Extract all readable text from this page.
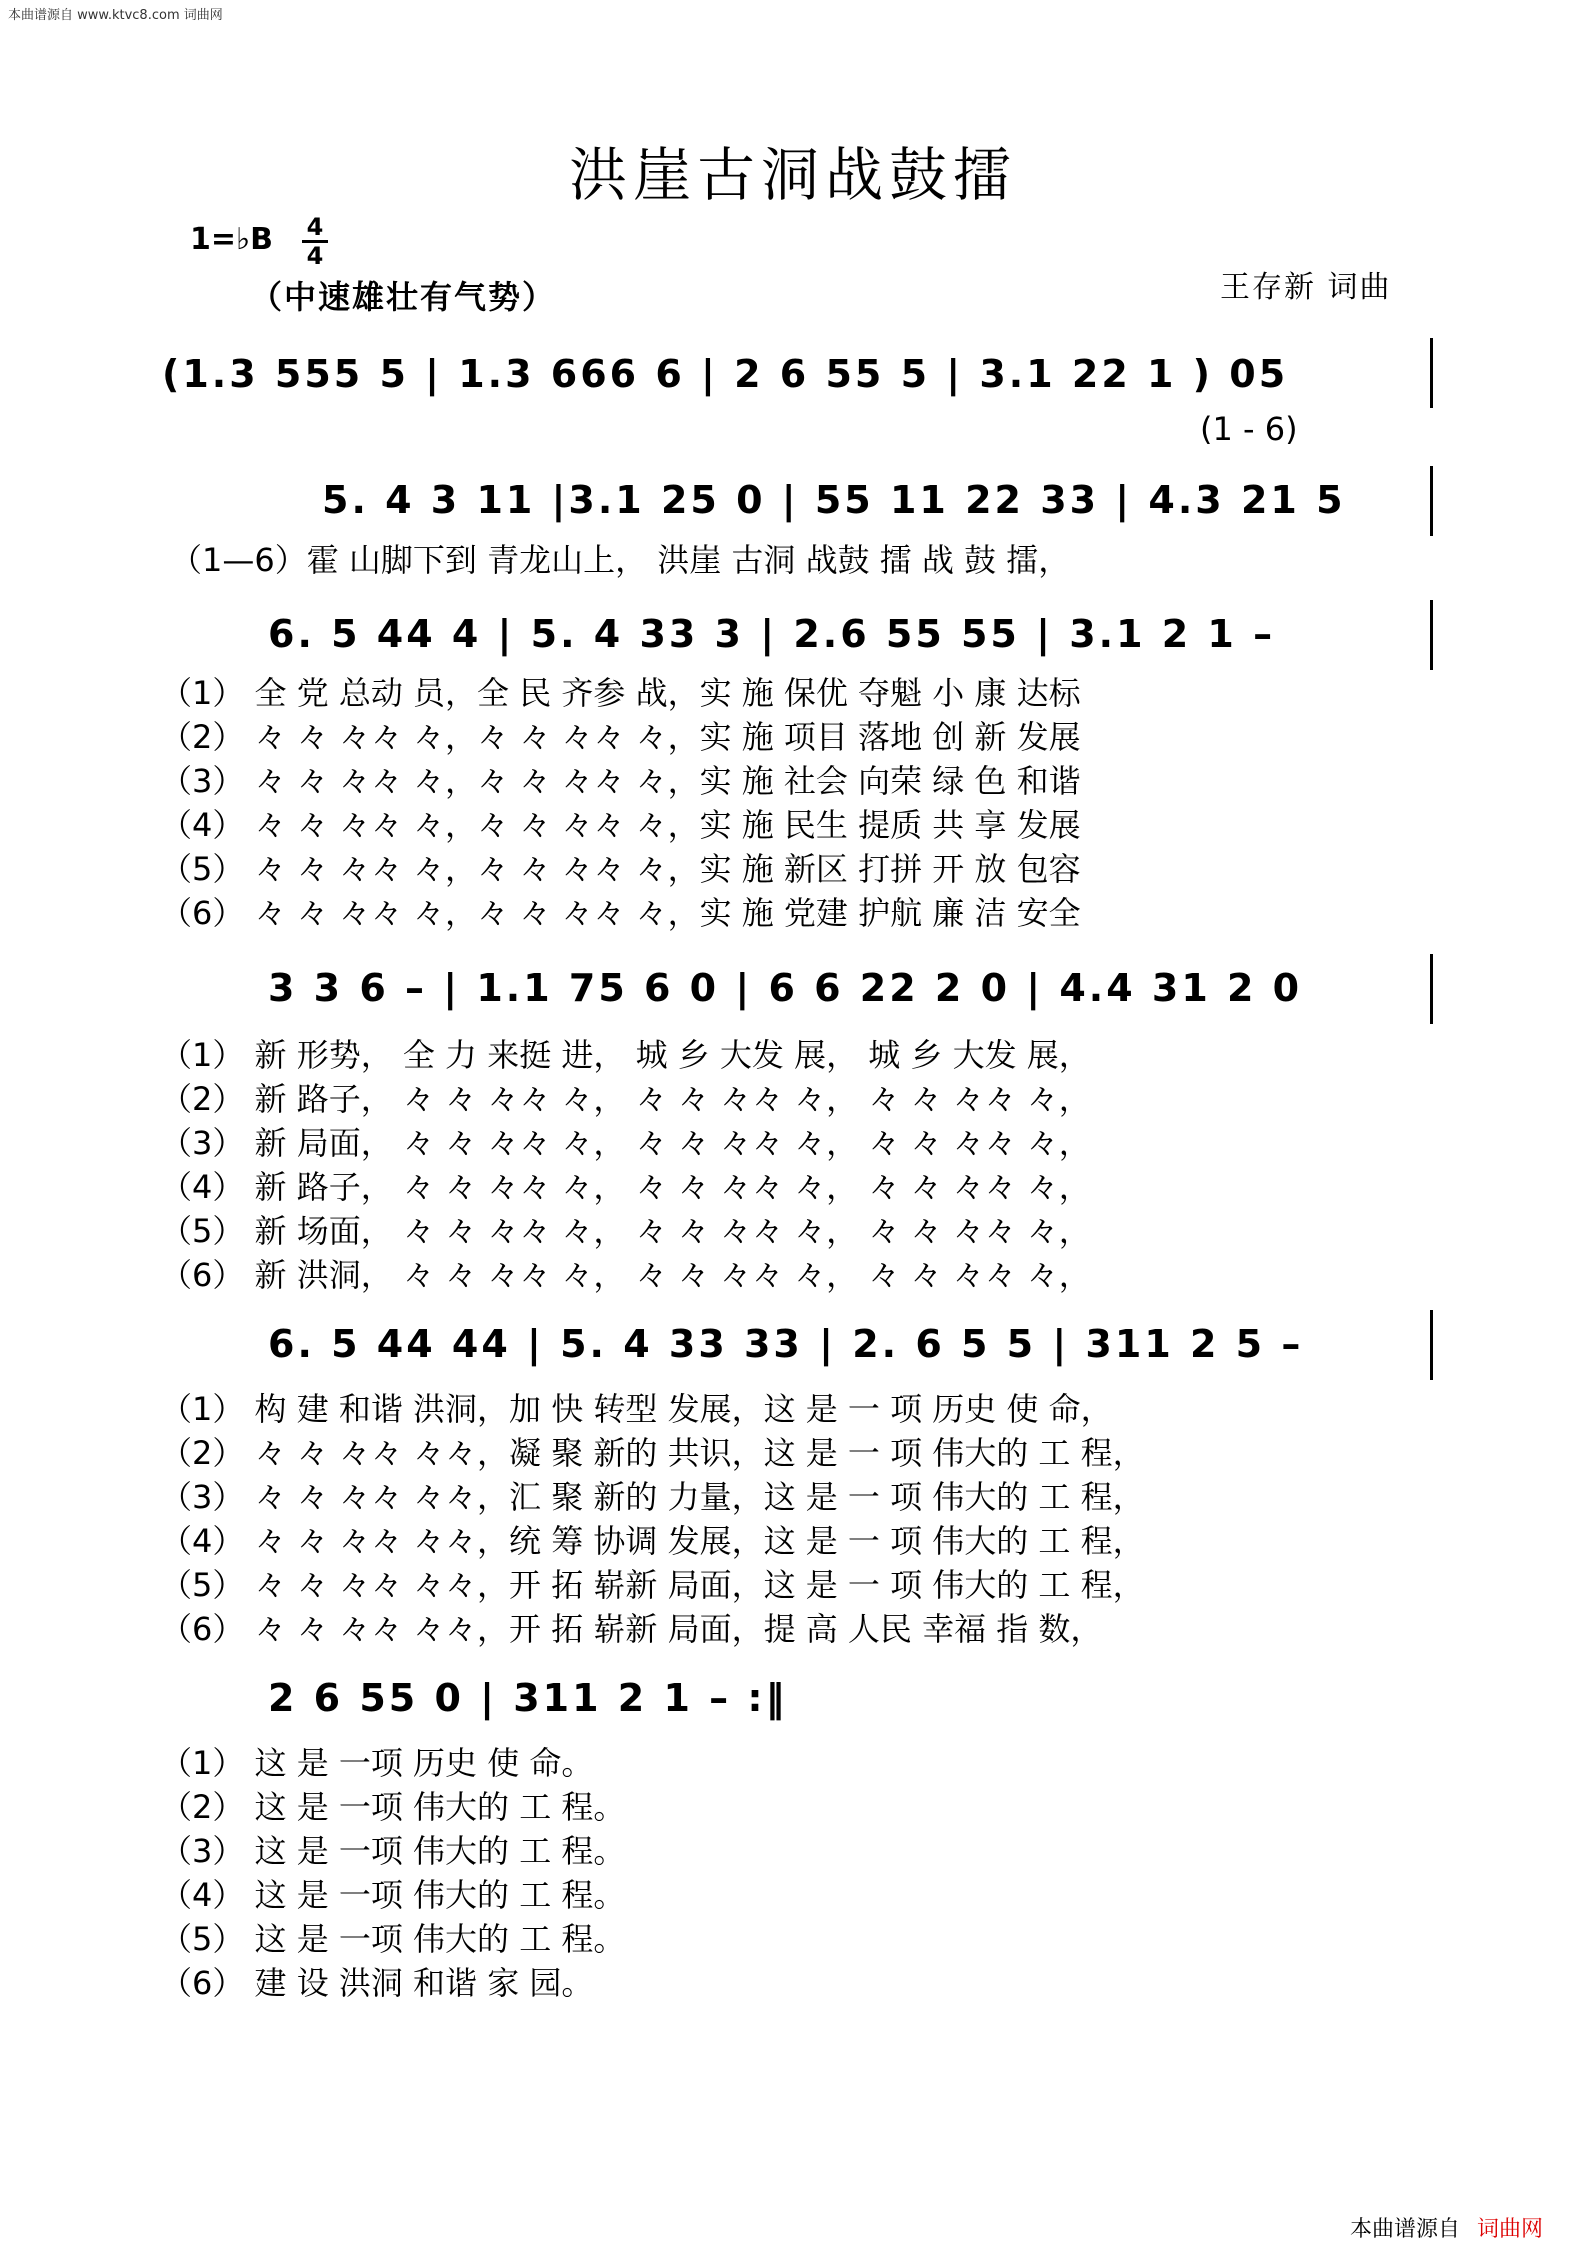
本曲谱源自 www.ktvc8.com 词曲网
洪崖古洞战鼓擂
1=♭B 4
4
（中速雄壮有气势）	王存新 词曲
(1.3 555 5 | 1.3 666 6 | 2 6 55 5 | 3.1 22 1 ) 05
(1 - 6)
5. 4 3 11 |3.1 25 0 | 55 11 22 33 | 4.3 21 5
（1—6）霍 山脚下到 青龙山上， 洪崖 古洞 战鼓 擂 战 鼓 擂，
6. 5 44 4 | 5. 4 33 3 | 2.6 55 55 | 3.1 2 1 –
（1） 全 党 总动 员，全 民 齐参 战，实 施 保优 夺魁 小 康 达标
（2） 々 々 々々 々，々 々 々々 々，实 施 项目 落地 创 新 发展
（3） 々 々 々々 々，々 々 々々 々，实 施 社会 向荣 绿 色 和谐
（4） 々 々 々々 々，々 々 々々 々，实 施 民生 提质 共 享 发展
（5） 々 々 々々 々，々 々 々々 々，实 施 新区 打拼 开 放 包容
（6） 々 々 々々 々，々 々 々々 々，实 施 党建 护航 廉 洁 安全
3 3 6 – | 1.1 75 6 0 | 6 6 22 2 0 | 4.4 31 2 0
（1） 新 形势， 全 力 来挺 进， 城 乡 大发 展， 城 乡 大发 展，
（2） 新 路子， 々 々 々々 々， 々 々 々々 々， 々 々 々々 々，
（3） 新 局面， 々 々 々々 々， 々 々 々々 々， 々 々 々々 々，
（4） 新 路子， 々 々 々々 々， 々 々 々々 々， 々 々 々々 々，
（5） 新 场面， 々 々 々々 々， 々 々 々々 々， 々 々 々々 々，
（6） 新 洪洞， 々 々 々々 々， 々 々 々々 々， 々 々 々々 々，
6. 5 44 44 | 5. 4 33 33 | 2. 6 5 5 | 311 2 5 –
（1） 构 建 和谐 洪洞，加 快 转型 发展，这 是 一 项 历史 使 命，
（2） 々 々 々々 々々，凝 聚 新的 共识，这 是 一 项 伟大的 工 程，
（3） 々 々 々々 々々，汇 聚 新的 力量，这 是 一 项 伟大的 工 程，
（4） 々 々 々々 々々，统 筹 协调 发展，这 是 一 项 伟大的 工 程，
（5） 々 々 々々 々々，开 拓 崭新 局面，这 是 一 项 伟大的 工 程，
（6） 々 々 々々 々々，开 拓 崭新 局面，提 高 人民 幸福 指 数，
2 6 55 0 | 311 2 1 – :‖
（1） 这 是 一项 历史 使 命。
（2） 这 是 一项 伟大的 工 程。
（3） 这 是 一项 伟大的 工 程。
（4） 这 是 一项 伟大的 工 程。
（5） 这 是 一项 伟大的 工 程。
（6） 建 设 洪洞 和谐 家 园。
本曲谱源自 词曲网
